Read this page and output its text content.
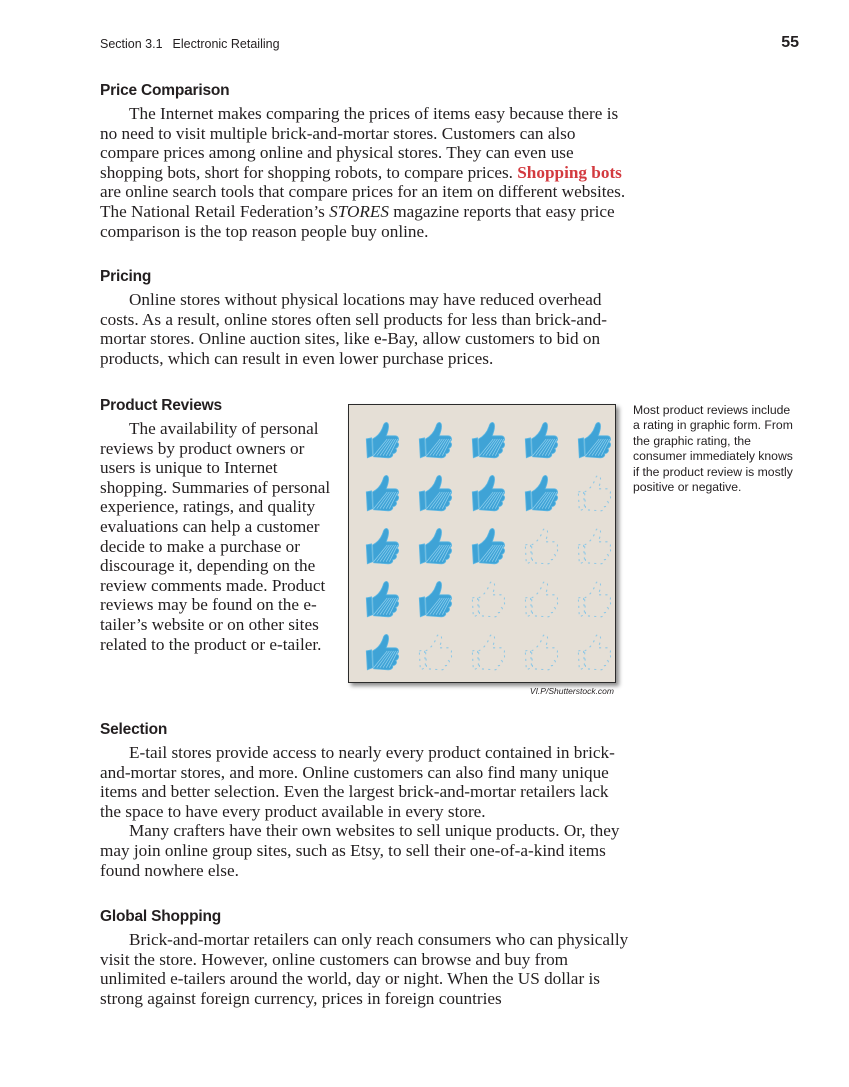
Section 3.1 Electronic Retailing	55
Price Comparison

The Internet makes comparing the prices of items easy because there is no need to visit multiple brick-and-mortar stores. Customers can also compare prices among online and physical stores. They can even use shopping bots, short for shopping robots, to compare prices. Shopping bots are online search tools that compare prices for an item on different websites. The National Retail Federation’s STORES magazine reports that easy price comparison is the top reason people buy online.

Pricing

Online stores without physical locations may have reduced overhead costs. As a result, online stores often sell products for less than brick-and-mortar stores. Online auction sites, like e-Bay, allow customers to bid on products, which can result in even lower purchase prices.

Product Reviews

The availability of personal reviews by product owners or users is unique to Internet shopping. Summaries of personal experience, ratings, and quality evaluations can help a customer decide to make a purchase or discourage it, depending on the review comments made. Product reviews may be found on the e-tailer’s website or on other sites related to the product or e-tailer.

VI.P/Shutterstock.com
Most product reviews include a rating in graphic form. From the graphic rating, the consumer immediately knows if the product review is mostly positive or negative.
Selection

E-tail stores provide access to nearly every product contained in brick-and-mortar stores, and more. Online customers can also find many unique items and better selection. Even the largest brick-and-mortar retailers lack the space to have every product available in every store.

Many crafters have their own websites to sell unique products. Or, they may join online group sites, such as Etsy, to sell their one-of-a-kind items found nowhere else.

Global Shopping

Brick-and-mortar retailers can only reach consumers who can physically visit the store. However, online customers can browse and buy from unlimited e-tailers around the world, day or night. When the US dollar is strong against foreign currency, prices in foreign countries
